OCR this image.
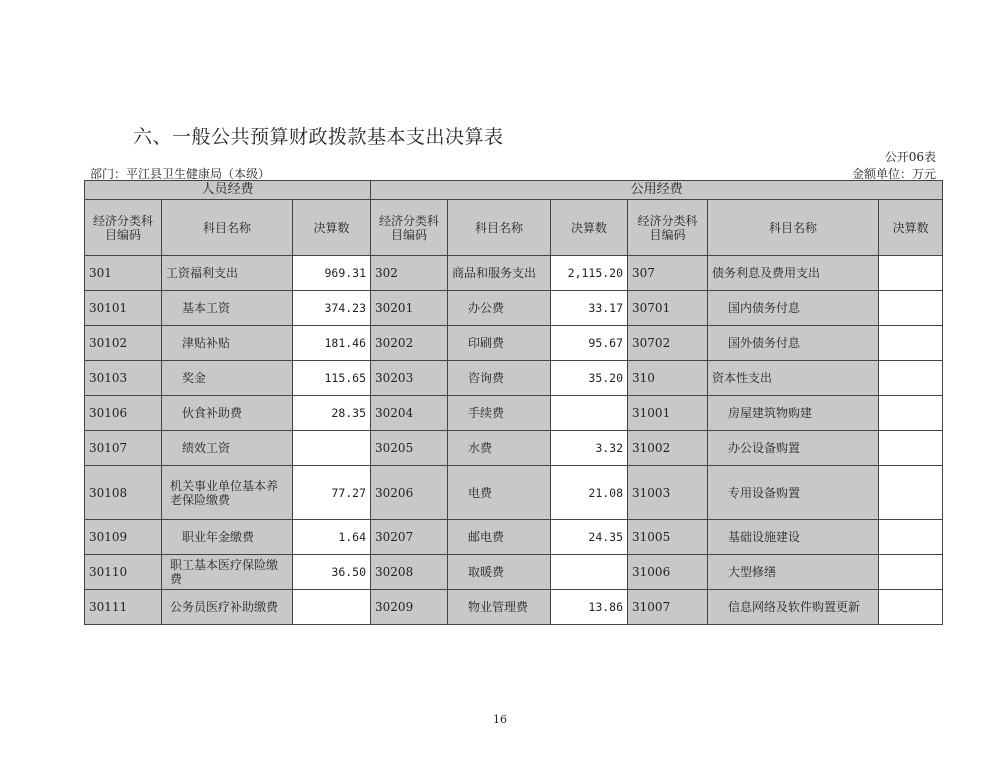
六、一般公共预算财政拨款基本支出决算表
公开06表
部门：平江县卫生健康局（本级）	金额单位：万元
人员经费			公用经费					
经济分类科目编码	科目名称	决算数	经济分类科目编码	科目名称	决算数	经济分类科目编码	科目名称	决算数
301	工资福利支出	969.31	302	商品和服务支出	2,115.20	307	债务利息及费用支出	
30101	基本工资	374.23	30201	办公费	33.17	30701	国内债务付息	
30102	津贴补贴	181.46	30202	印刷费	95.67	30702	国外债务付息	
30103	奖金	115.65	30203	咨询费	35.20	310	资本性支出	
30106	伙食补助费	28.35	30204	手续费		31001	房屋建筑物购建	
30107	绩效工资		30205	水费	3.32	31002	办公设备购置	
30108	机关事业单位基本养老保险缴费	77.27	30206	电费	21.08	31003	专用设备购置	
30109	职业年金缴费	1.64	30207	邮电费	24.35	31005	基础设施建设	
30110	职工基本医疗保险缴费	36.50	30208	取暖费		31006	大型修缮	
30111	公务员医疗补助缴费		30209	物业管理费	13.86	31007	信息网络及软件购置更新	
16
